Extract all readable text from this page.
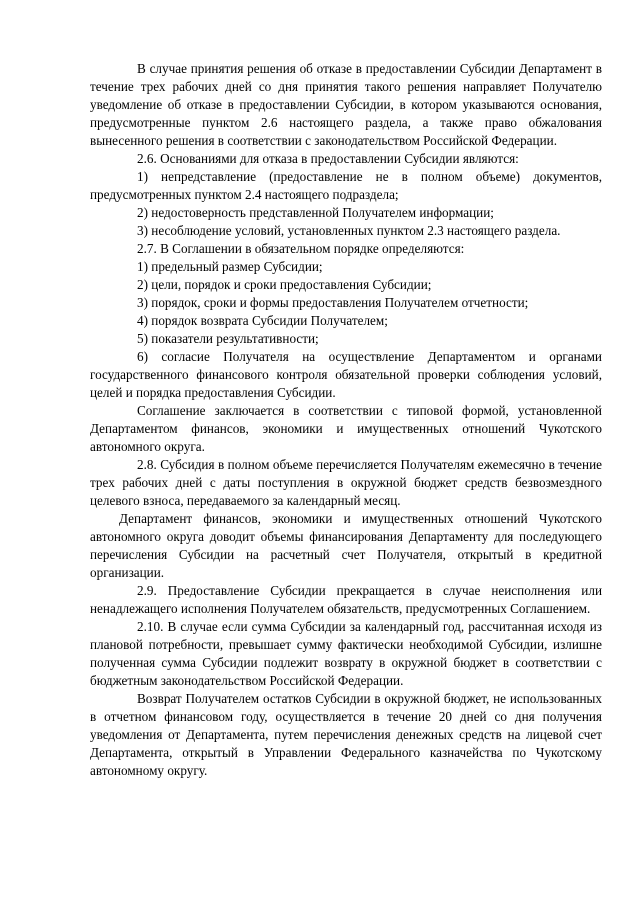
В случае принятия решения об отказе в предоставлении Субсидии Департамент в течение трех рабочих дней со дня принятия такого решения направляет Получателю уведомление об отказе в предоставлении Субсидии, в котором указываются основания, предусмотренные пунктом 2.6 настоящего раздела, а также право обжалования вынесенного решения в соответствии с законодательством Российской Федерации.

2.6. Основаниями для отказа в предоставлении Субсидии являются:

1) непредставление (предоставление не в полном объеме) документов, предусмотренных пунктом 2.4 настоящего подраздела;

2) недостоверность представленной Получателем информации;

3) несоблюдение условий, установленных пунктом 2.3 настоящего раздела.

2.7. В Соглашении в обязательном порядке определяются:

1) предельный размер Субсидии;

2) цели, порядок и сроки предоставления Субсидии;

3) порядок, сроки и формы предоставления Получателем отчетности;

4) порядок возврата Субсидии Получателем;

5) показатели результативности;

6) согласие Получателя на осуществление Департаментом и органами государственного финансового контроля обязательной проверки соблюдения условий, целей и порядка предоставления Субсидии.

Соглашение заключается в соответствии с типовой формой, установленной Департаментом финансов, экономики и имущественных отношений Чукотского автономного округа.

2.8. Субсидия в полном объеме перечисляется Получателям ежемесячно в течение трех рабочих дней с даты поступления в окружной бюджет средств безвозмездного целевого взноса, передаваемого за календарный месяц.

Департамент финансов, экономики и имущественных отношений Чукотского автономного округа доводит объемы финансирования Департаменту для последующего перечисления Субсидии на расчетный счет Получателя, открытый в кредитной организации.

2.9. Предоставление Субсидии прекращается в случае неисполнения или ненадлежащего исполнения Получателем обязательств, предусмотренных Соглашением.

2.10. В случае если сумма Субсидии за календарный год, рассчитанная исходя из плановой потребности, превышает сумму фактически необходимой Субсидии, излишне полученная сумма Субсидии подлежит возврату в окружной бюджет в соответствии с бюджетным законодательством Российской Федерации.

Возврат Получателем остатков Субсидии в окружной бюджет, не использованных в отчетном финансовом году, осуществляется в течение 20 дней со дня получения уведомления от Департамента, путем перечисления денежных средств на лицевой счет Департамента, открытый в Управлении Федерального казначейства по Чукотскому автономному округу.
